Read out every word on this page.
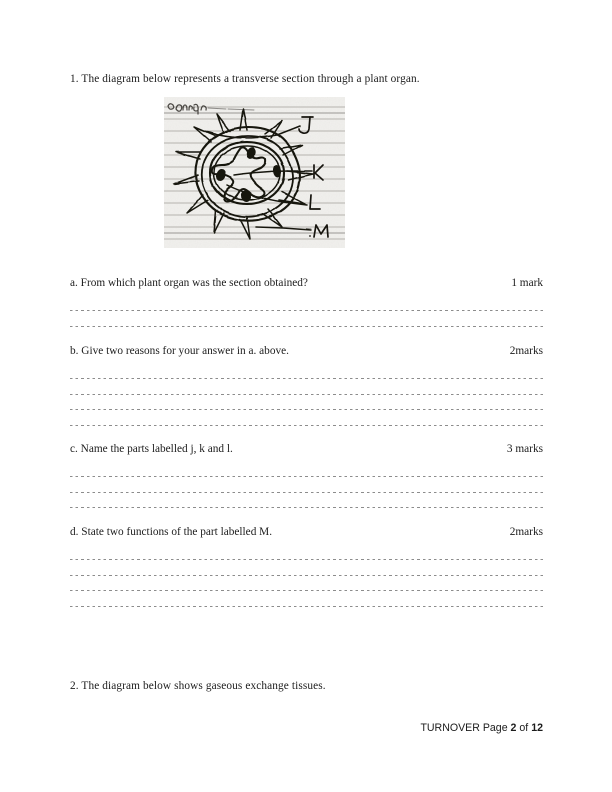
1. The diagram below represents a transverse section through a plant organ.
a. From which plant organ was the section obtained?	1 mark
b. Give two reasons for your answer in a. above.	2marks
c. Name the parts labelled j, k and l.	3 marks
d. State two functions of the part labelled M.	2marks
2. The diagram below shows gaseous exchange tissues.
TURNOVER Page 2 of 12
